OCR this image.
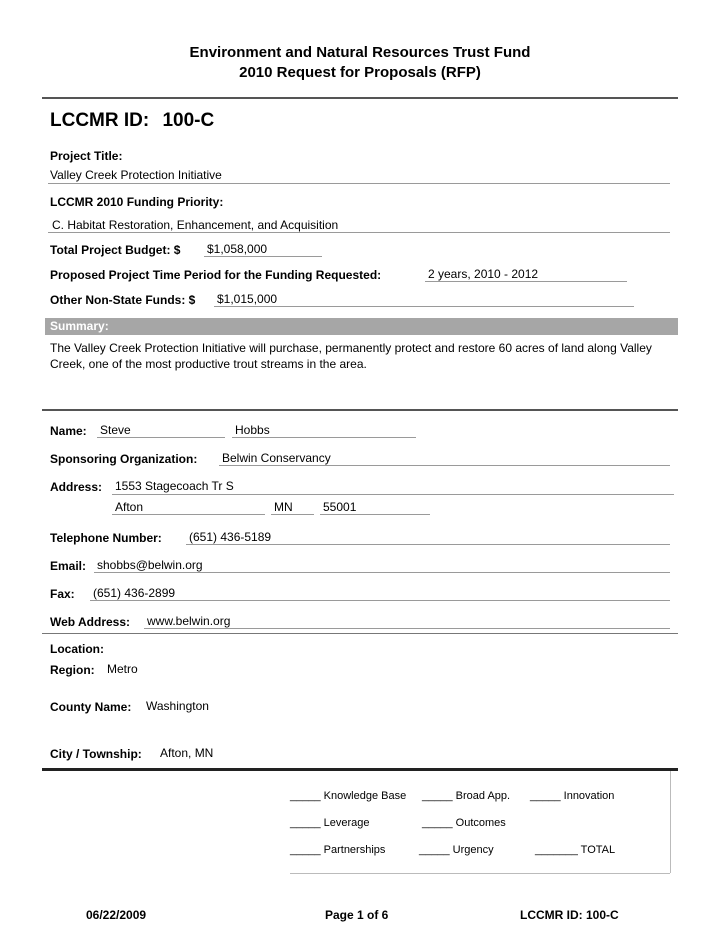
Environment and Natural Resources Trust Fund
2010 Request for Proposals (RFP)
LCCMR ID: 100-C
Project Title:
Valley Creek Protection Initiative
LCCMR 2010 Funding Priority:
C. Habitat Restoration, Enhancement, and Acquisition
Total Project Budget: $ $1,058,000
Proposed Project Time Period for the Funding Requested:	2 years, 2010 - 2012
Other Non-State Funds: $ $1,015,000
Summary:
The Valley Creek Protection Initiative will purchase, permanently protect and restore 60 acres of land along Valley Creek, one of the most productive trout streams in the area.
Name: Steve	Hobbs
Sponsoring Organization: Belwin Conservancy
Address: 1553 Stagecoach Tr S
Afton	MN	55001
Telephone Number: (651) 436-5189
Email: shobbs@belwin.org
Fax: (651) 436-2899
Web Address: www.belwin.org
Location:
Region: Metro
County Name: Washington
City / Township: Afton, MN
_____ Knowledge Base _____ Broad App. _____ Innovation
_____ Leverage	_____ Outcomes
_____ Partnerships	_____ Urgency	_______ TOTAL
06/22/2009	Page 1 of 6	LCCMR ID: 100-C
